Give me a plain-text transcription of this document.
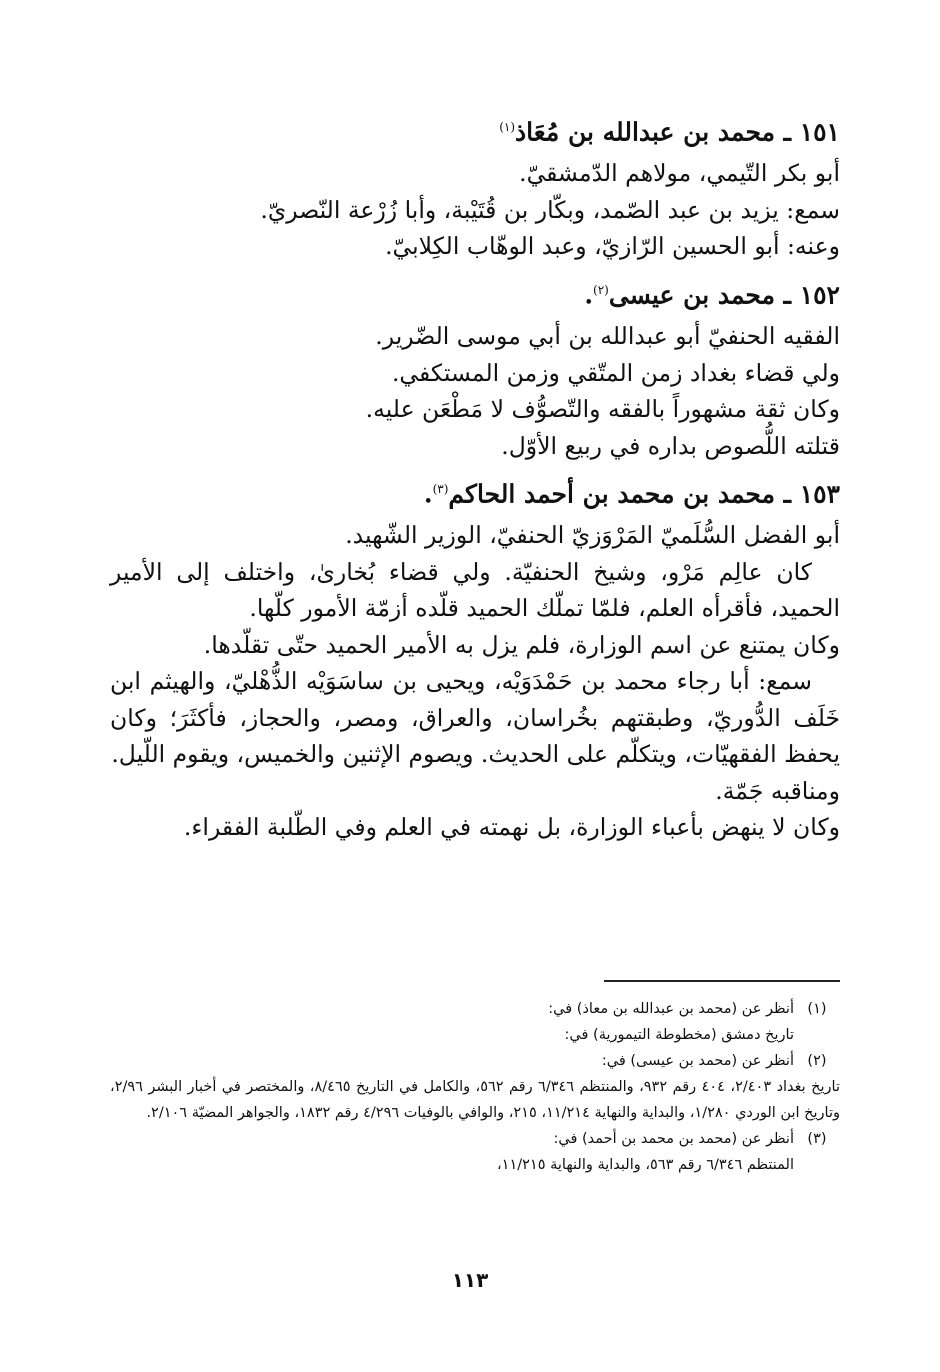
١٥١ ـ محمد بن عبدالله بن مُعَاذ$^{(١)}$
أبو بكر التّيمي، مولاهم الدّمشقيّ.
سمع: يزيد بن عبد الصّمد، وبكّار بن قُتَيْبة، وأبا زُرْعة النّصريّ.
وعنه: أبو الحسين الرّازيّ، وعبد الوهّاب الكِلابيّ.
١٥٢ ـ محمد بن عيسى$^{(٢)}$.
الفقيه الحنفيّ أبو عبدالله بن أبي موسى الضّرير.
ولي قضاء بغداد زمن المتّقي وزمن المستكفي.
وكان ثقة مشهوراً بالفقه والتّصوُّف لا مَطْعَن عليه.
قتلته اللُّصوص بداره في ربيع الأوّل.
١٥٣ ـ محمد بن محمد بن أحمد الحاكم$^{(٣)}$.
أبو الفضل السُّلَميّ المَرْوَزيّ الحنفيّ، الوزير الشّهيد.
كان عالِم مَرْو، وشيخ الحنفيّة. ولي قضاء بُخارىٰ، واختلف إلى الأمير الحميد، فأقرأه العلم، فلمّا تملّك الحميد قلّده أزمّة الأمور كلّها.
وكان يمتنع عن اسم الوزارة، فلم يزل به الأمير الحميد حتّى تقلّدها.
سمع: أبا رجاء محمد بن حَمْدَوَيْه، ويحيى بن ساسَوَيْه الذُّهْليّ، والهيثم ابن خَلَف الدُّوريّ، وطبقتهم بخُراسان، والعراق، ومصر، والحجاز، فأكثَرَ؛ وكان يحفظ الفقهيّات، ويتكلّم على الحديث. ويصوم الإثنين والخميس، ويقوم اللّيل.
ومناقبه جَمّة.
وكان لا ينهض بأعباء الوزارة، بل نهمته في العلم وفي الطّلبة الفقراء.
(١)
أنظر عن (محمد بن عبدالله بن معاذ) في:
تاريخ دمشق (مخطوطة التيمورية) في:
(٢)
أنظر عن (محمد بن عيسى) في:
تاريخ بغداد ٢/٤٠٣، ٤٠٤ رقم ٩٣٢، والمنتظم ٦/٣٤٦ رقم ٥٦٢، والكامل في التاريخ ٨/٤٦٥، والمختصر في أخبار البشر ٢/٩٦، وتاريخ ابن الوردي ١/٢٨٠، والبداية والنهاية ١١/٢١٤، ٢١٥، والوافي بالوفيات ٤/٢٩٦ رقم ١٨٣٢، والجواهر المضيّة ٢/١٠٦.
(٣)
أنظر عن (محمد بن محمد بن أحمد) في:
المنتظم ٦/٣٤٦ رقم ٥٦٣، والبداية والنهاية ١١/٢١٥،
١١٣
